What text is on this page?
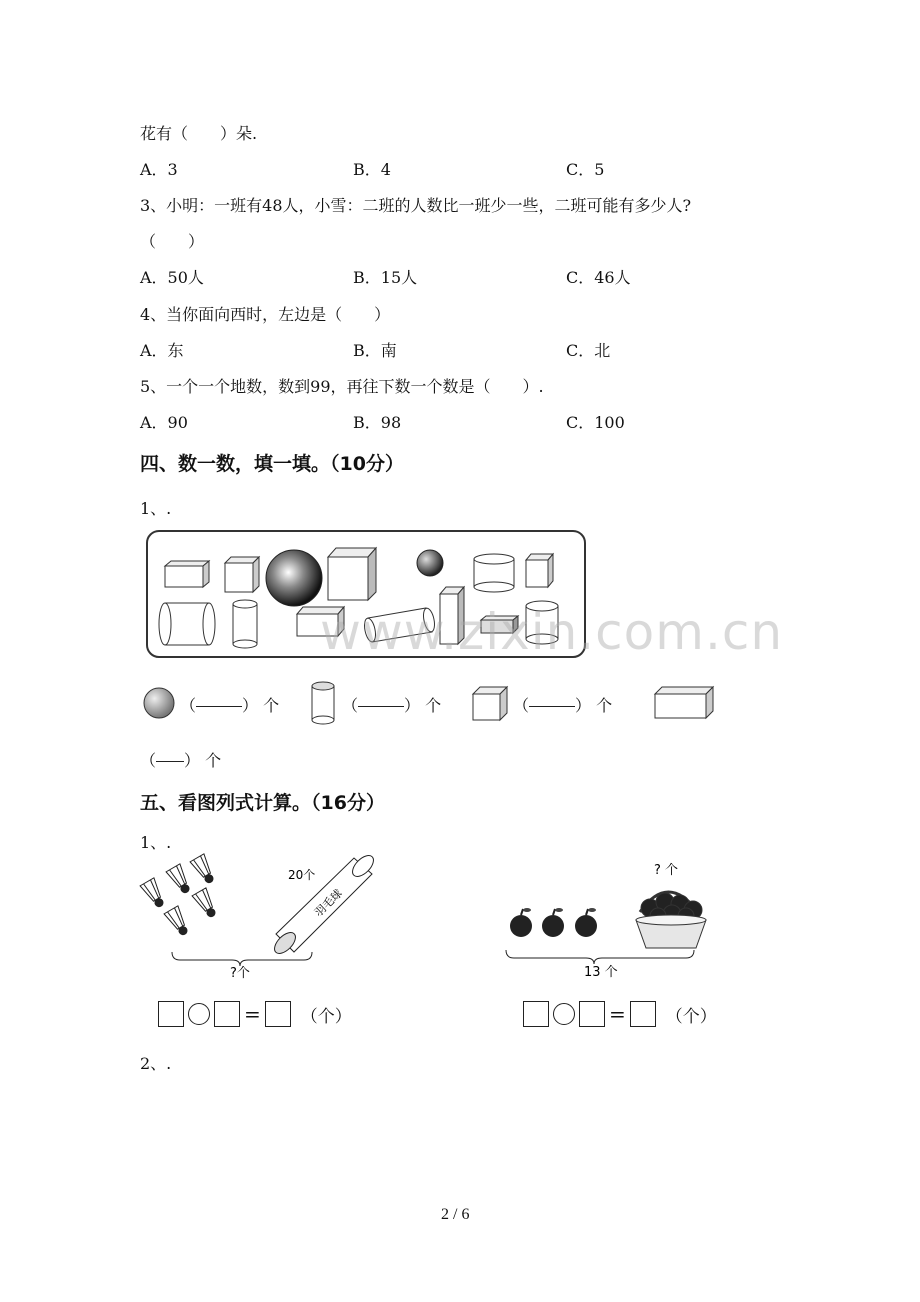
花有（　　）朵.
A．3	B．4	C．5
3、小明：一班有48人，小雪：二班的人数比一班少一些，二班可能有多少人?
（　　）
A．50人	B．15人	C．46人
4、当你面向西时，左边是（　　）
A．东	B．南	C．北
5、一个一个地数，数到99，再往下数一个数是（　　）.
A．90	B．98	C．100
四、数一数，填一填。（10分）
1、.
www.zixin.com.cn
（	） 个	（	） 个	（	） 个
（ ） 个
五、看图列式计算。（16分）
1、.
羽毛球
20个
?个
? 个
13 个
= （个）	= （个）
2、.
2 / 6
